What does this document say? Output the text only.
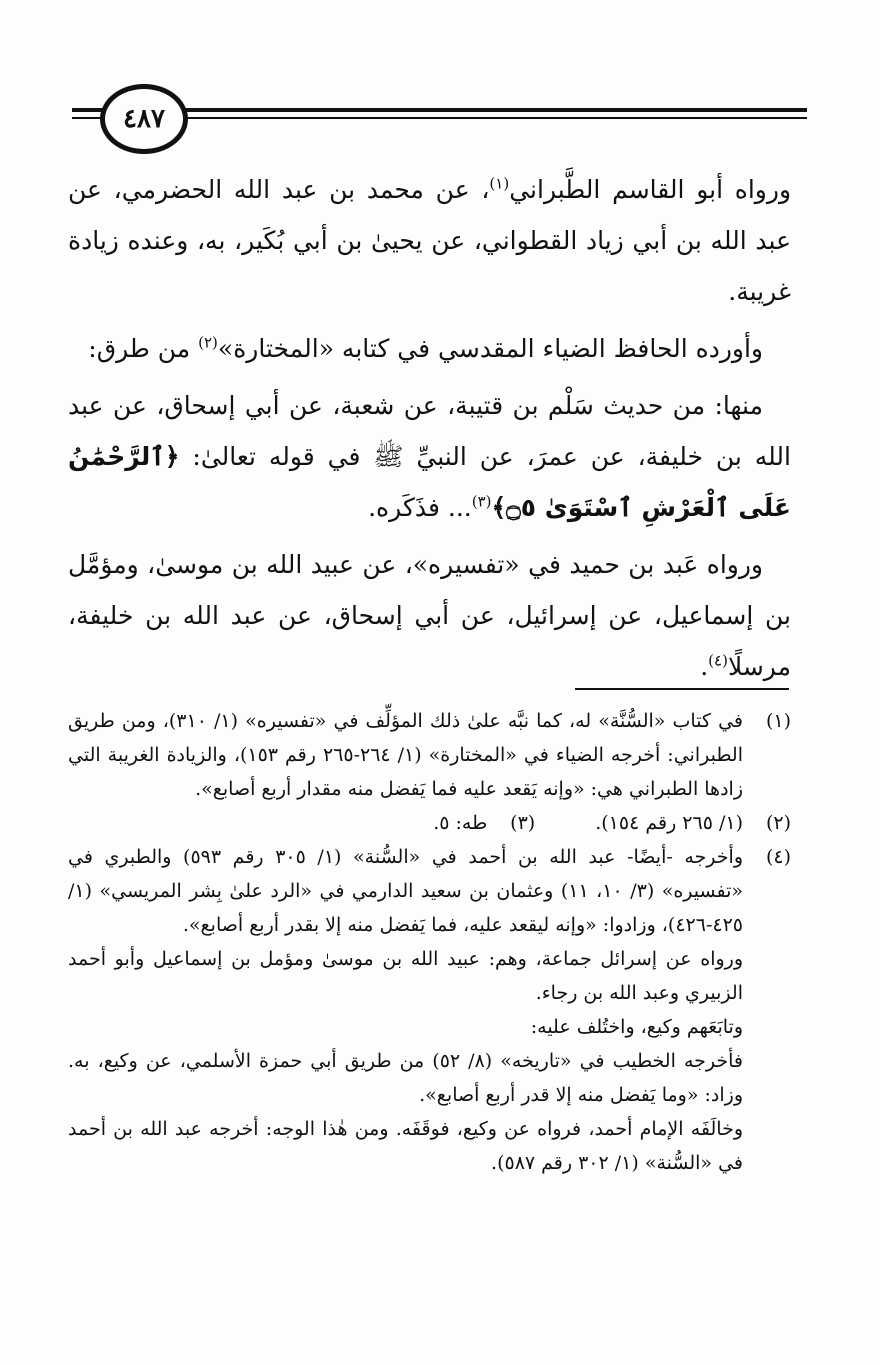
٤٨٧

ورواه أبو القاسم الطَّبراني$^{(١)}$، عن محمد بن عبد الله الحضرمي، عن عبد الله بن أبي زياد القطواني، عن يحيىٰ بن أبي بُكَير، به، وعنده زيادة غريبة.

وأورده الحافظ الضياء المقدسي في كتابه «المختارة»$^{(٢)}$ من طرق:

منها: من حديث سَلْم بن قتيبة، عن شعبة، عن أبي إسحاق، عن عبد الله بن خليفة، عن عمرَ، عن النبيِّ ﷺ في قوله تعالىٰ: ﴿ٱلرَّحْمَٰنُ عَلَى ٱلْعَرْشِ ٱسْتَوَىٰ ۝٥﴾$^{(٣)}$... فذَكَره.

ورواه عَبد بن حميد في «تفسيره»، عن عبيد الله بن موسىٰ، ومؤمَّل بن إسماعيل، عن إسرائيل، عن أبي إسحاق، عن عبد الله بن خليفة، مرسلًا$^{(٤)}$.

(١)
في كتاب «السُّنَّة» له، كما نبَّه علىٰ ذلك المؤلِّف في «تفسيره» (١/ ٣١٠)، ومن طريق الطبراني: أخرجه الضياء في «المختارة» (١/ ٢٦٤-٢٦٥ رقم ١٥٣)، والزيادة الغريبة التي زادها الطبراني هي: «وإنه يَقعد عليه فما يَفضل منه مقدار أربع أصابع».
(٢)
(١/ ٢٦٥ رقم ١٥٤).
(٣)
طه: ٥.
(٤)
وأخرجه -أيضًا- عبد الله بن أحمد في «السُّنة» (١/ ٣٠٥ رقم ٥٩٣) والطبري في «تفسيره» (٣/ ١٠، ١١) وعثمان بن سعيد الدارمي في «الرد علىٰ بِشر المريسي» (١/ ٤٢٥-٤٢٦)، وزادوا: «وإنه ليقعد عليه، فما يَفضل منه إلا بقدر أربع أصابع».
ورواه عن إسرائل جماعة، وهم: عبيد الله بن موسىٰ ومؤمل بن إسماعيل وأبو أحمد الزبيري وعبد الله بن رجاء.
وتابَعَهم وكيع، واختُلف عليه:
فأخرجه الخطيب في «تاريخه» (٨/ ٥٢) من طريق أبي حمزة الأسلمي، عن وكيع، به. وزاد: «وما يَفضل منه إلا قدر أربع أصابع».
وخالَفَه الإمام أحمد، فرواه عن وكيع، فوقَفَه. ومن هٰذا الوجه: أخرجه عبد الله بن أحمد في «السُّنة» (١/ ٣٠٢ رقم ٥٨٧).
